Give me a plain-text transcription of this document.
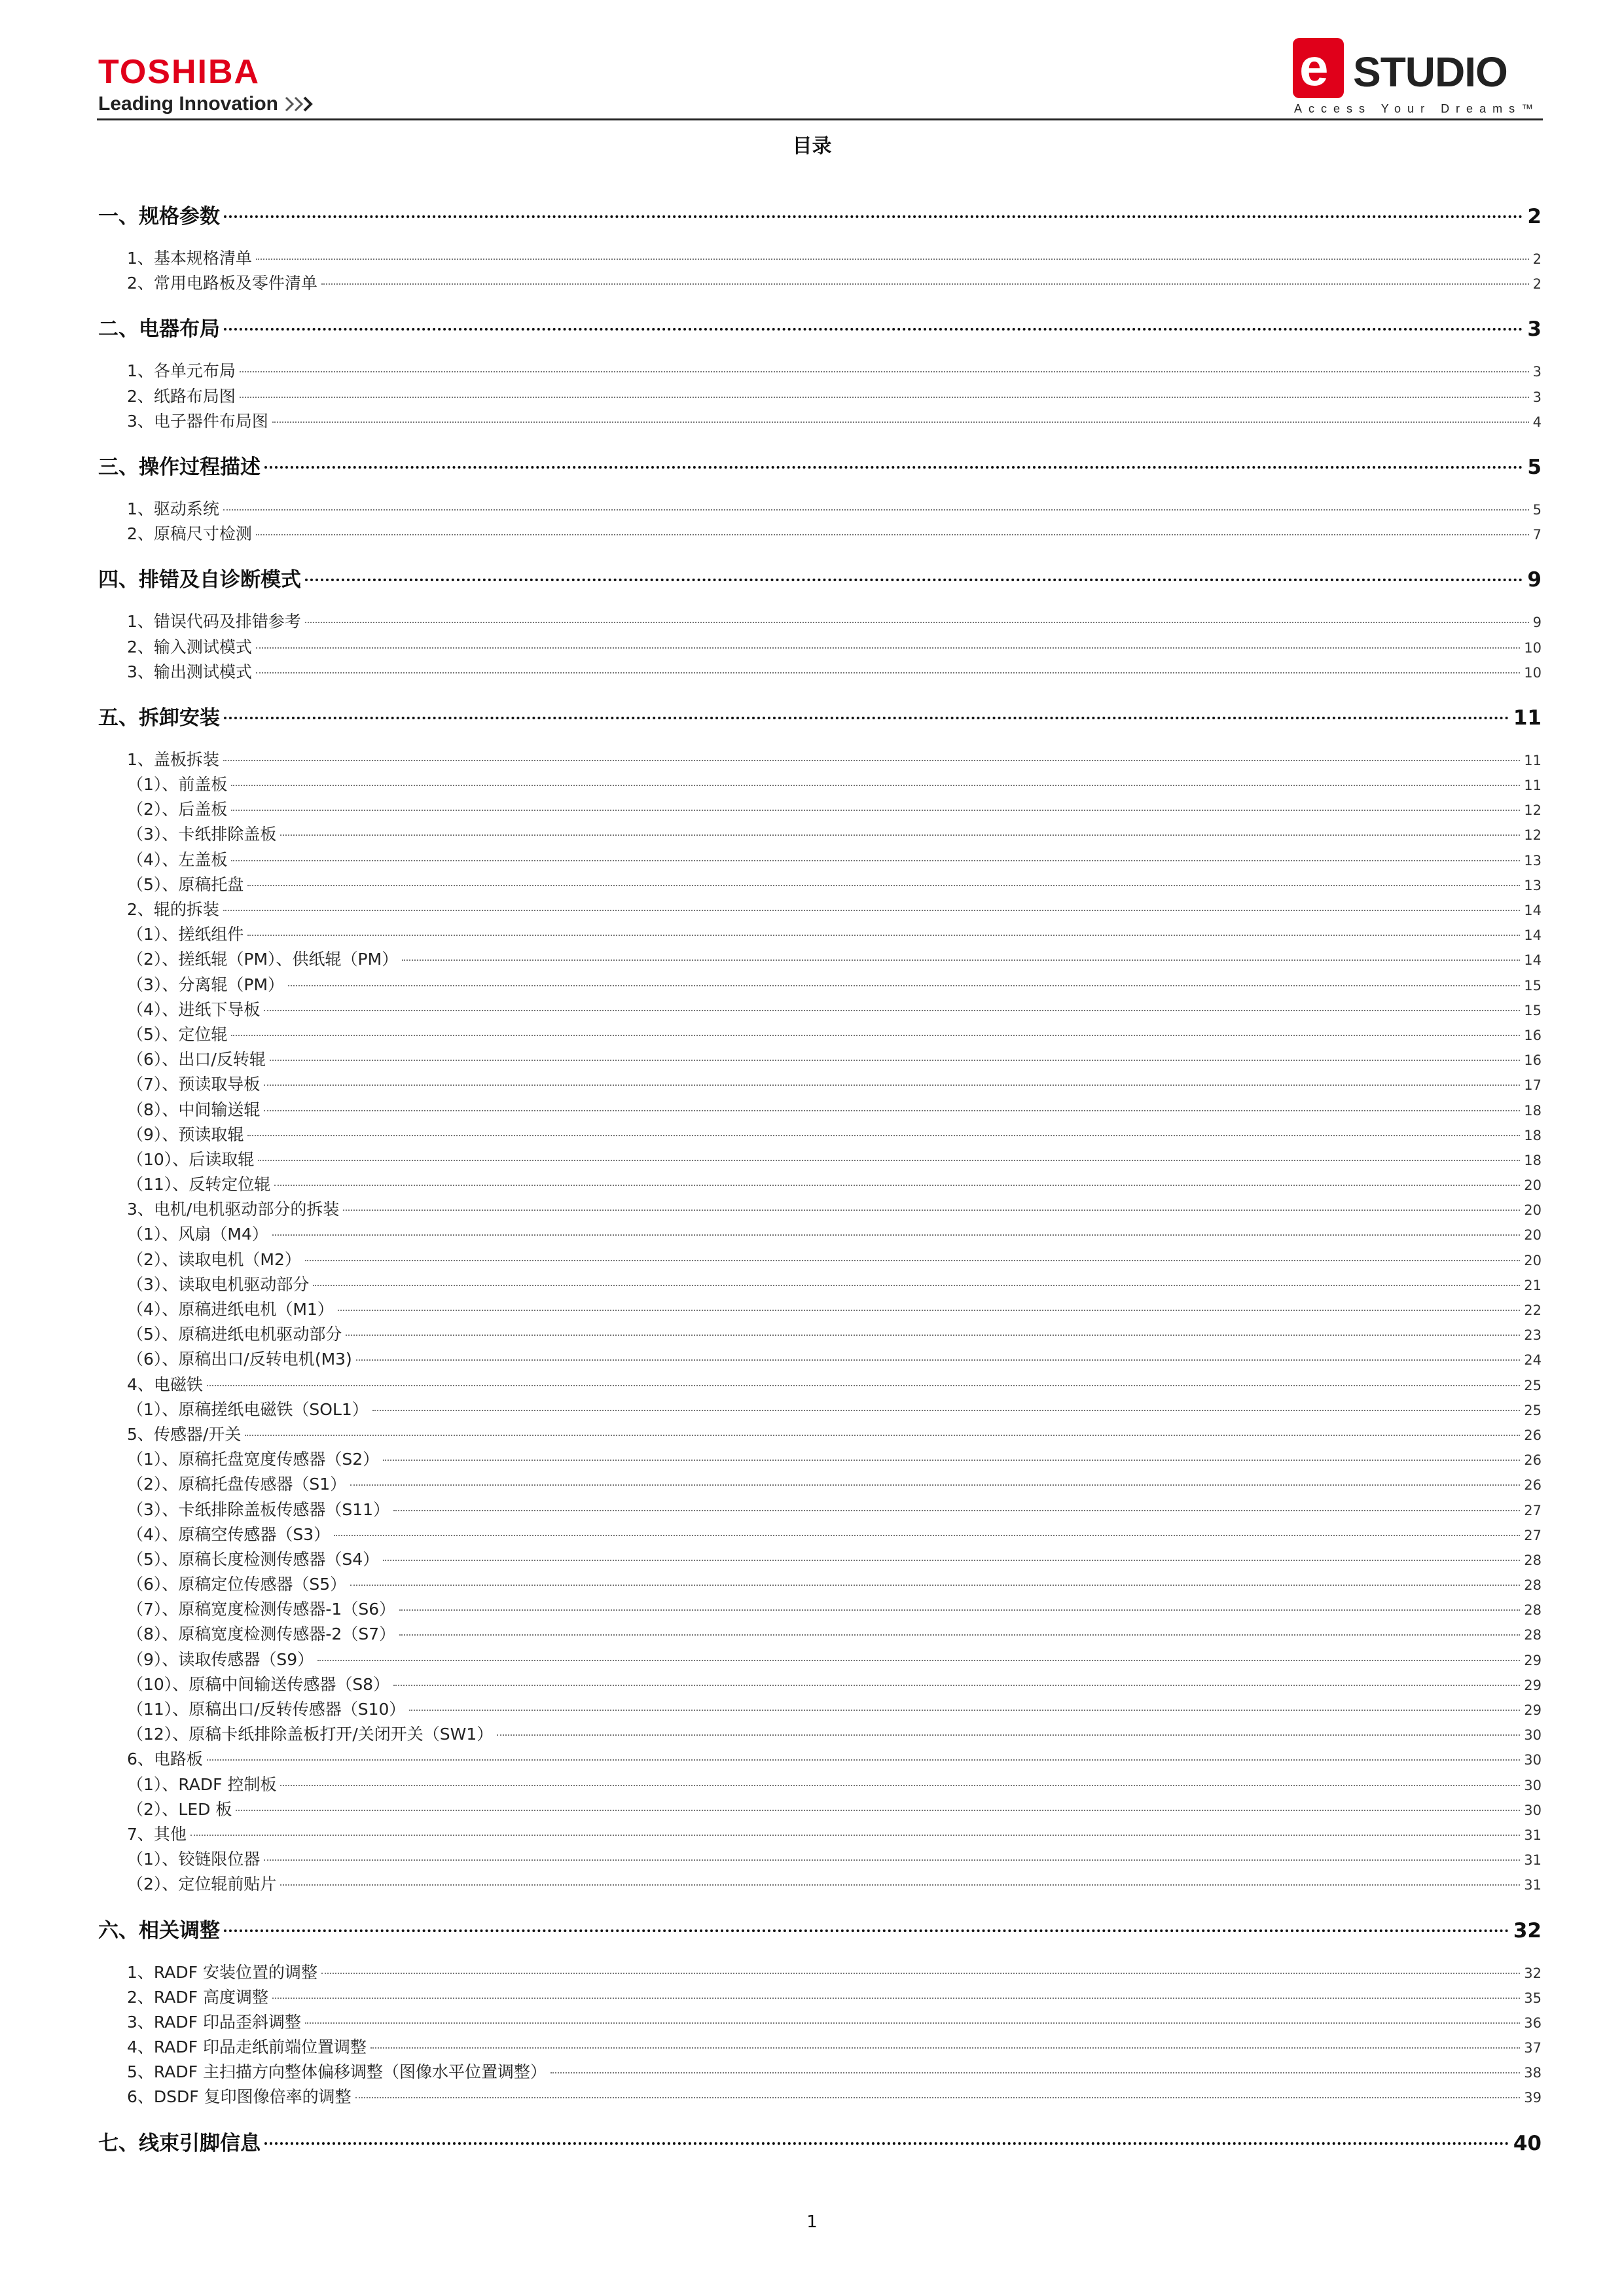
TOSHIBA
Leading Innovation
e STUDIO
Access Your Dreams™
目录
一、规格参数	2
1、基本规格清单	2
2、常用电路板及零件清单	2
二、电器布局	3
1、各单元布局	3
2、纸路布局图	3
3、电子器件布局图	4
三、操作过程描述	5
1、驱动系统	5
2、原稿尺寸检测	7
四、排错及自诊断模式	9
1、错误代码及排错参考	9
2、输入测试模式	10
3、输出测试模式	10
五、拆卸安装	11
1、盖板拆装	11
（1）、前盖板	11
（2）、后盖板	12
（3）、卡纸排除盖板	12
（4）、左盖板	13
（5）、原稿托盘	13
2、辊的拆装	14
（1）、搓纸组件	14
（2）、搓纸辊（PM）、供纸辊（PM）	14
（3）、分离辊（PM）	15
（4）、进纸下导板	15
（5）、定位辊	16
（6）、出口/反转辊	16
（7）、预读取导板	17
（8）、中间输送辊	18
（9）、预读取辊	18
（10）、后读取辊	18
（11）、反转定位辊	20
3、电机/电机驱动部分的拆装	20
（1）、风扇（M4）	20
（2）、读取电机（M2）	20
（3）、读取电机驱动部分	21
（4）、原稿进纸电机（M1）	22
（5）、原稿进纸电机驱动部分	23
（6）、原稿出口/反转电机(M3)	24
4、电磁铁	25
（1）、原稿搓纸电磁铁（SOL1）	25
5、传感器/开关	26
（1）、原稿托盘宽度传感器（S2）	26
（2）、原稿托盘传感器（S1）	26
（3）、卡纸排除盖板传感器（S11）	27
（4）、原稿空传感器（S3）	27
（5）、原稿长度检测传感器（S4）	28
（6）、原稿定位传感器（S5）	28
（7）、原稿宽度检测传感器-1（S6）	28
（8）、原稿宽度检测传感器-2（S7）	28
（9）、读取传感器（S9）	29
（10）、原稿中间输送传感器（S8）	29
（11）、原稿出口/反转传感器（S10）	29
（12）、原稿卡纸排除盖板打开/关闭开关（SW1）	30
6、电路板	30
（1）、RADF 控制板	30
（2）、LED 板	30
7、其他	31
（1）、铰链限位器	31
（2）、定位辊前贴片	31
六、相关调整	32
1、RADF 安装位置的调整	32
2、RADF 高度调整	35
3、RADF 印品歪斜调整	36
4、RADF 印品走纸前端位置调整	37
5、RADF 主扫描方向整体偏移调整（图像水平位置调整）	38
6、DSDF 复印图像倍率的调整	39
七、线束引脚信息	40
1
